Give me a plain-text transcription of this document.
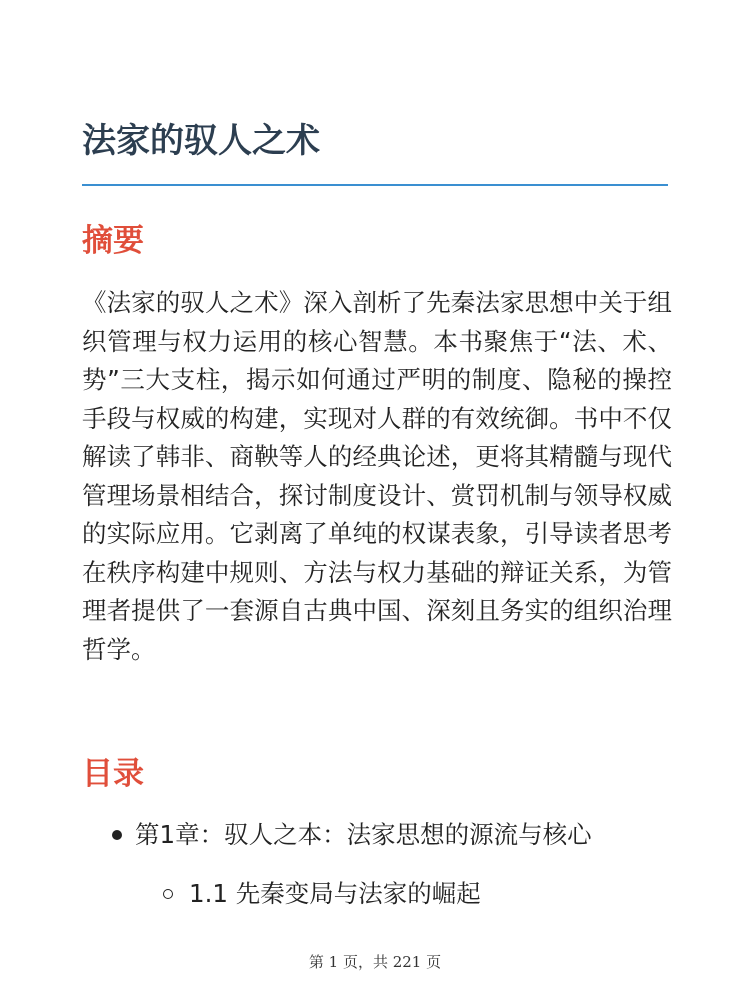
法家的驭人之术
摘要

《法家的驭人之术》深入剖析了先秦法家思想中关于组织管理与权力运用的核心智慧。本书聚焦于“法、术、势”三大支柱，揭示如何通过严明的制度、隐秘的操控手段与权威的构建，实现对人群的有效统御。书中不仅解读了韩非、商鞅等人的经典论述，更将其精髓与现代管理场景相结合，探讨制度设计、赏罚机制与领导权威的实际应用。它剥离了单纯的权谋表象，引导读者思考在秩序构建中规则、方法与权力基础的辩证关系，为管理者提供了一套源自古典中国、深刻且务实的组织治理哲学。

目录
第1章：驭人之本：法家思想的源流与核心
1.1 先秦变局与法家的崛起
第 1 页，共 221 页
